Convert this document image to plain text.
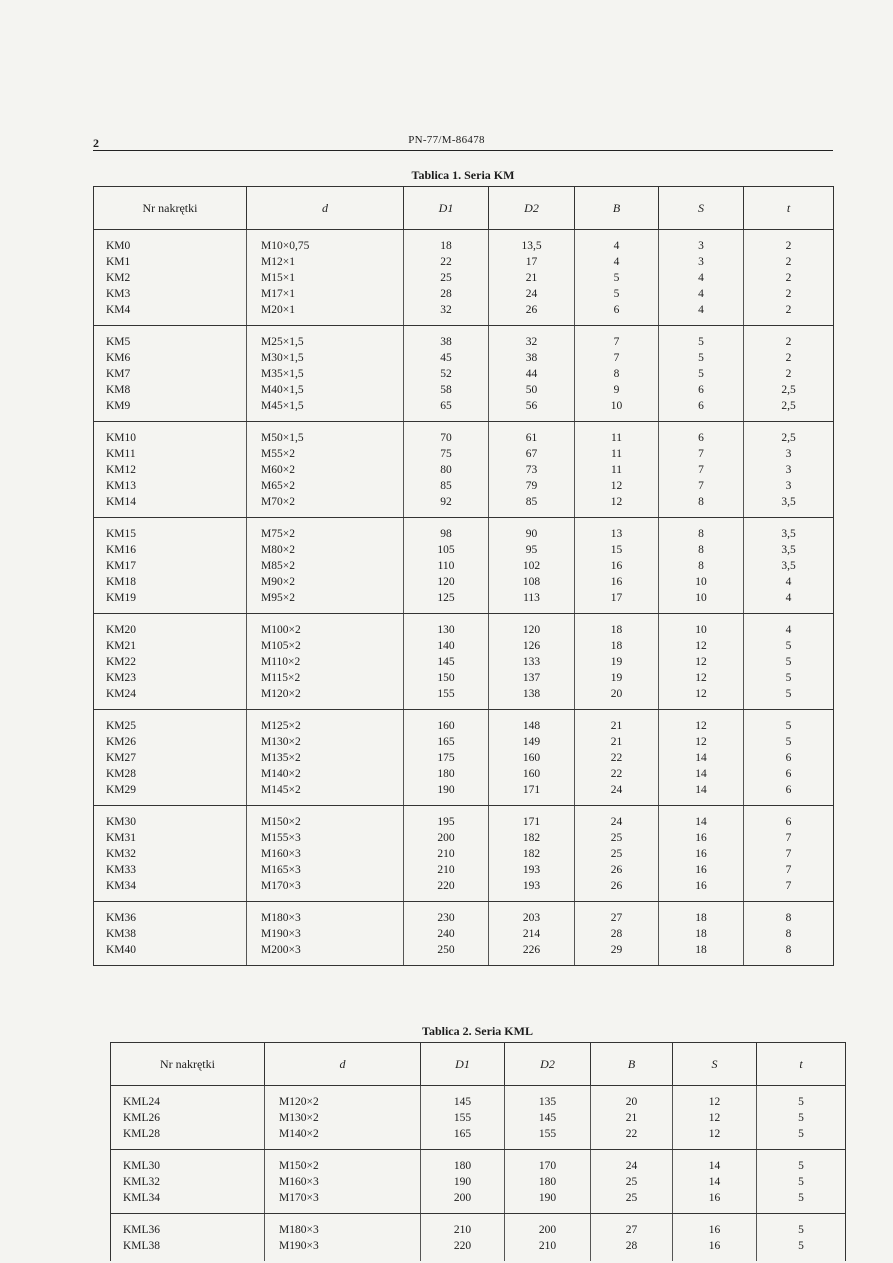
2	PN-77/M-86478
Tablica 1. Seria KM
Nr nakrętki	d	D1	D2	B	S	t
KM0	M10×0,75	18	13,5	4	3	2
KM1	M12×1	22	17	4	3	2
KM2	M15×1	25	21	5	4	2
KM3	M17×1	28	24	5	4	2
KM4	M20×1	32	26	6	4	2
KM5	M25×1,5	38	32	7	5	2
KM6	M30×1,5	45	38	7	5	2
KM7	M35×1,5	52	44	8	5	2
KM8	M40×1,5	58	50	9	6	2,5
KM9	M45×1,5	65	56	10	6	2,5
KM10	M50×1,5	70	61	11	6	2,5
KM11	M55×2	75	67	11	7	3
KM12	M60×2	80	73	11	7	3
KM13	M65×2	85	79	12	7	3
KM14	M70×2	92	85	12	8	3,5
KM15	M75×2	98	90	13	8	3,5
KM16	M80×2	105	95	15	8	3,5
KM17	M85×2	110	102	16	8	3,5
KM18	M90×2	120	108	16	10	4
KM19	M95×2	125	113	17	10	4
KM20	M100×2	130	120	18	10	4
KM21	M105×2	140	126	18	12	5
KM22	M110×2	145	133	19	12	5
KM23	M115×2	150	137	19	12	5
KM24	M120×2	155	138	20	12	5
KM25	M125×2	160	148	21	12	5
KM26	M130×2	165	149	21	12	5
KM27	M135×2	175	160	22	14	6
KM28	M140×2	180	160	22	14	6
KM29	M145×2	190	171	24	14	6
KM30	M150×2	195	171	24	14	6
KM31	M155×3	200	182	25	16	7
KM32	M160×3	210	182	25	16	7
KM33	M165×3	210	193	26	16	7
KM34	M170×3	220	193	26	16	7
KM36	M180×3	230	203	27	18	8
KM38	M190×3	240	214	28	18	8
KM40	M200×3	250	226	29	18	8
Tablica 2. Seria KML
Nr nakrętki	d	D1	D2	B	S	t
KML24	M120×2	145	135	20	12	5
KML26	M130×2	155	145	21	12	5
KML28	M140×2	165	155	22	12	5
KML30	M150×2	180	170	24	14	5
KML32	M160×3	190	180	25	14	5
KML34	M170×3	200	190	25	16	5
KML36	M180×3	210	200	27	16	5
KML38	M190×3	220	210	28	16	5
